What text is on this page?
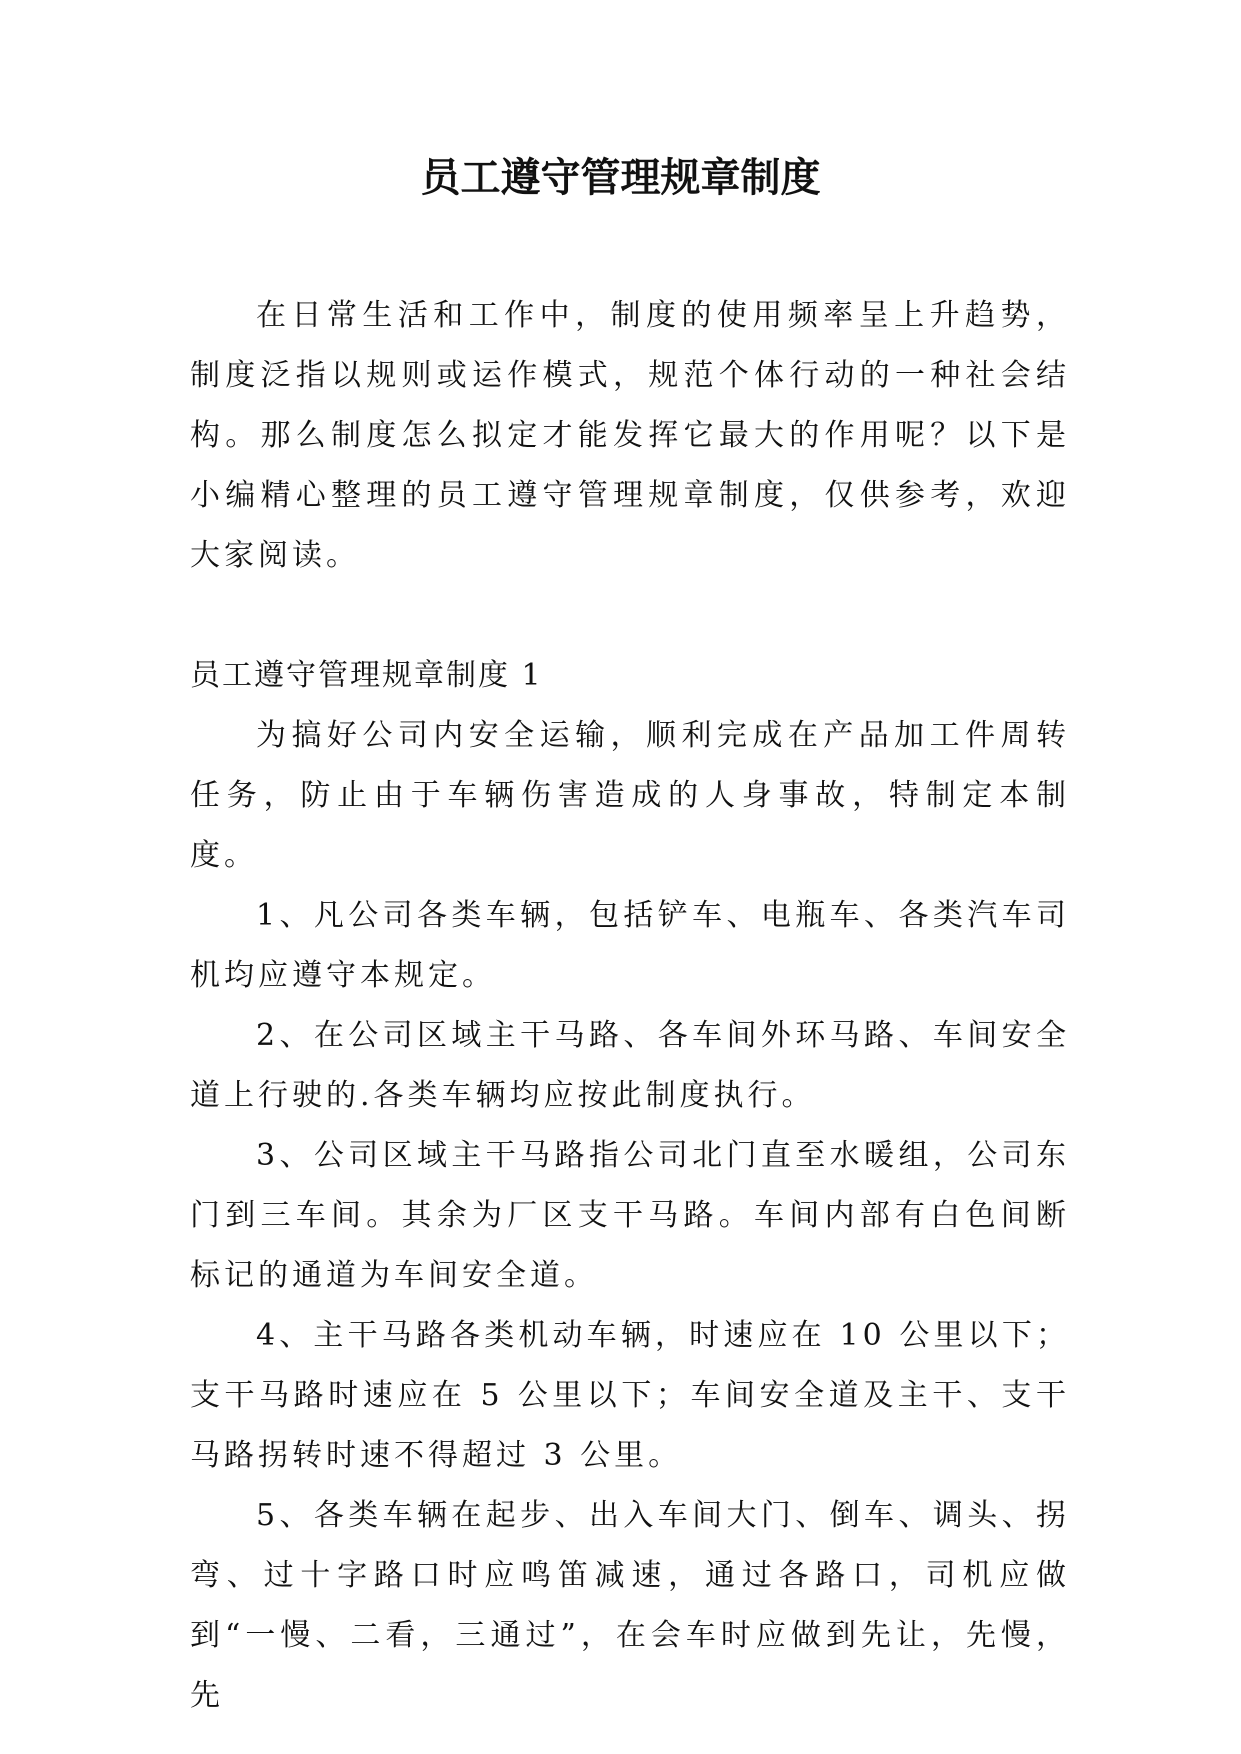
员工遵守管理规章制度

在日常生活和工作中，制度的使用频率呈上升趋势，制度泛指以规则或运作模式，规范个体行动的一种社会结构。那么制度怎么拟定才能发挥它最大的作用呢？以下是小编精心整理的员工遵守管理规章制度，仅供参考，欢迎大家阅读。

员工遵守管理规章制度 1

为搞好公司内安全运输，顺利完成在产品加工件周转任务，防止由于车辆伤害造成的人身事故，特制定本制度。

1、凡公司各类车辆，包括铲车、电瓶车、各类汽车司机均应遵守本规定。

2、在公司区域主干马路、各车间外环马路、车间安全道上行驶的.各类车辆均应按此制度执行。

3、公司区域主干马路指公司北门直至水暖组，公司东门到三车间。其余为厂区支干马路。车间内部有白色间断标记的通道为车间安全道。

4、主干马路各类机动车辆，时速应在 10 公里以下；支干马路时速应在 5 公里以下；车间安全道及主干、支干马路拐转时速不得超过 3 公里。

5、各类车辆在起步、出入车间大门、倒车、调头、拐弯、过十字路口时应鸣笛减速，通过各路口，司机应做到“一慢、二看，三通过”，在会车时应做到先让，先慢，先
